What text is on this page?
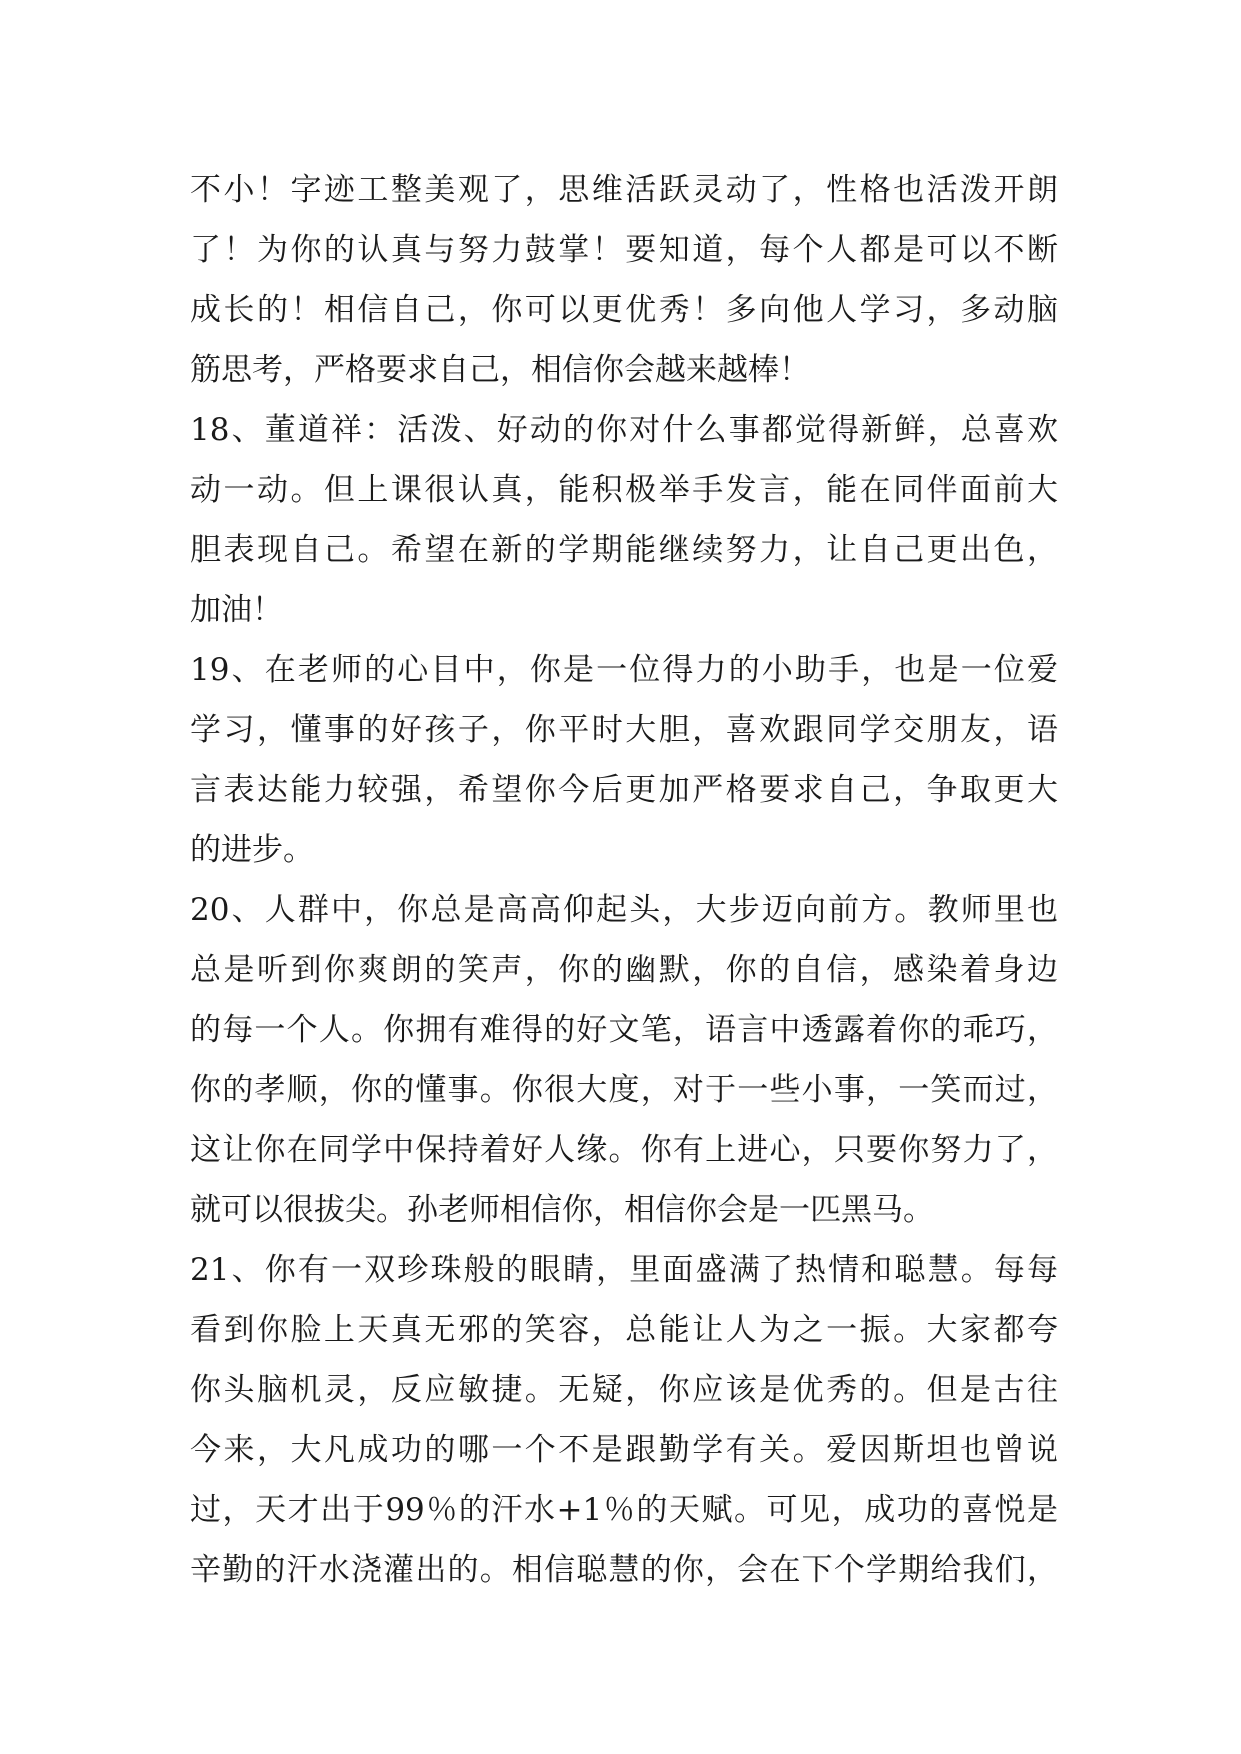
不小！字迹工整美观了，思维活跃灵动了，性格也活泼开朗
了！为你的认真与努力鼓掌！要知道，每个人都是可以不断
成长的！相信自己，你可以更优秀！多向他人学习，多动脑
筋思考，严格要求自己，相信你会越来越棒！
18、董道祥：活泼、好动的你对什么事都觉得新鲜，总喜欢
动一动。但上课很认真，能积极举手发言，能在同伴面前大
胆表现自己。希望在新的学期能继续努力，让自己更出色，
加油！
19、在老师的心目中，你是一位得力的小助手，也是一位爱
学习，懂事的好孩子，你平时大胆，喜欢跟同学交朋友，语
言表达能力较强，希望你今后更加严格要求自己，争取更大
的进步。
20、人群中，你总是高高仰起头，大步迈向前方。教师里也
总是听到你爽朗的笑声，你的幽默，你的自信，感染着身边
的每一个人。你拥有难得的好文笔，语言中透露着你的乖巧，
你的孝顺，你的懂事。你很大度，对于一些小事，一笑而过，
这让你在同学中保持着好人缘。你有上进心，只要你努力了，
就可以很拔尖。孙老师相信你，相信你会是一匹黑马。
21、你有一双珍珠般的眼睛，里面盛满了热情和聪慧。每每
看到你脸上天真无邪的笑容，总能让人为之一振。大家都夸
你头脑机灵，反应敏捷。无疑，你应该是优秀的。但是古往
今来，大凡成功的哪一个不是跟勤学有关。爱因斯坦也曾说
过，天才出于99％的汗水+1％的天赋。可见，成功的喜悦是
辛勤的汗水浇灌出的。相信聪慧的你，会在下个学期给我们，
